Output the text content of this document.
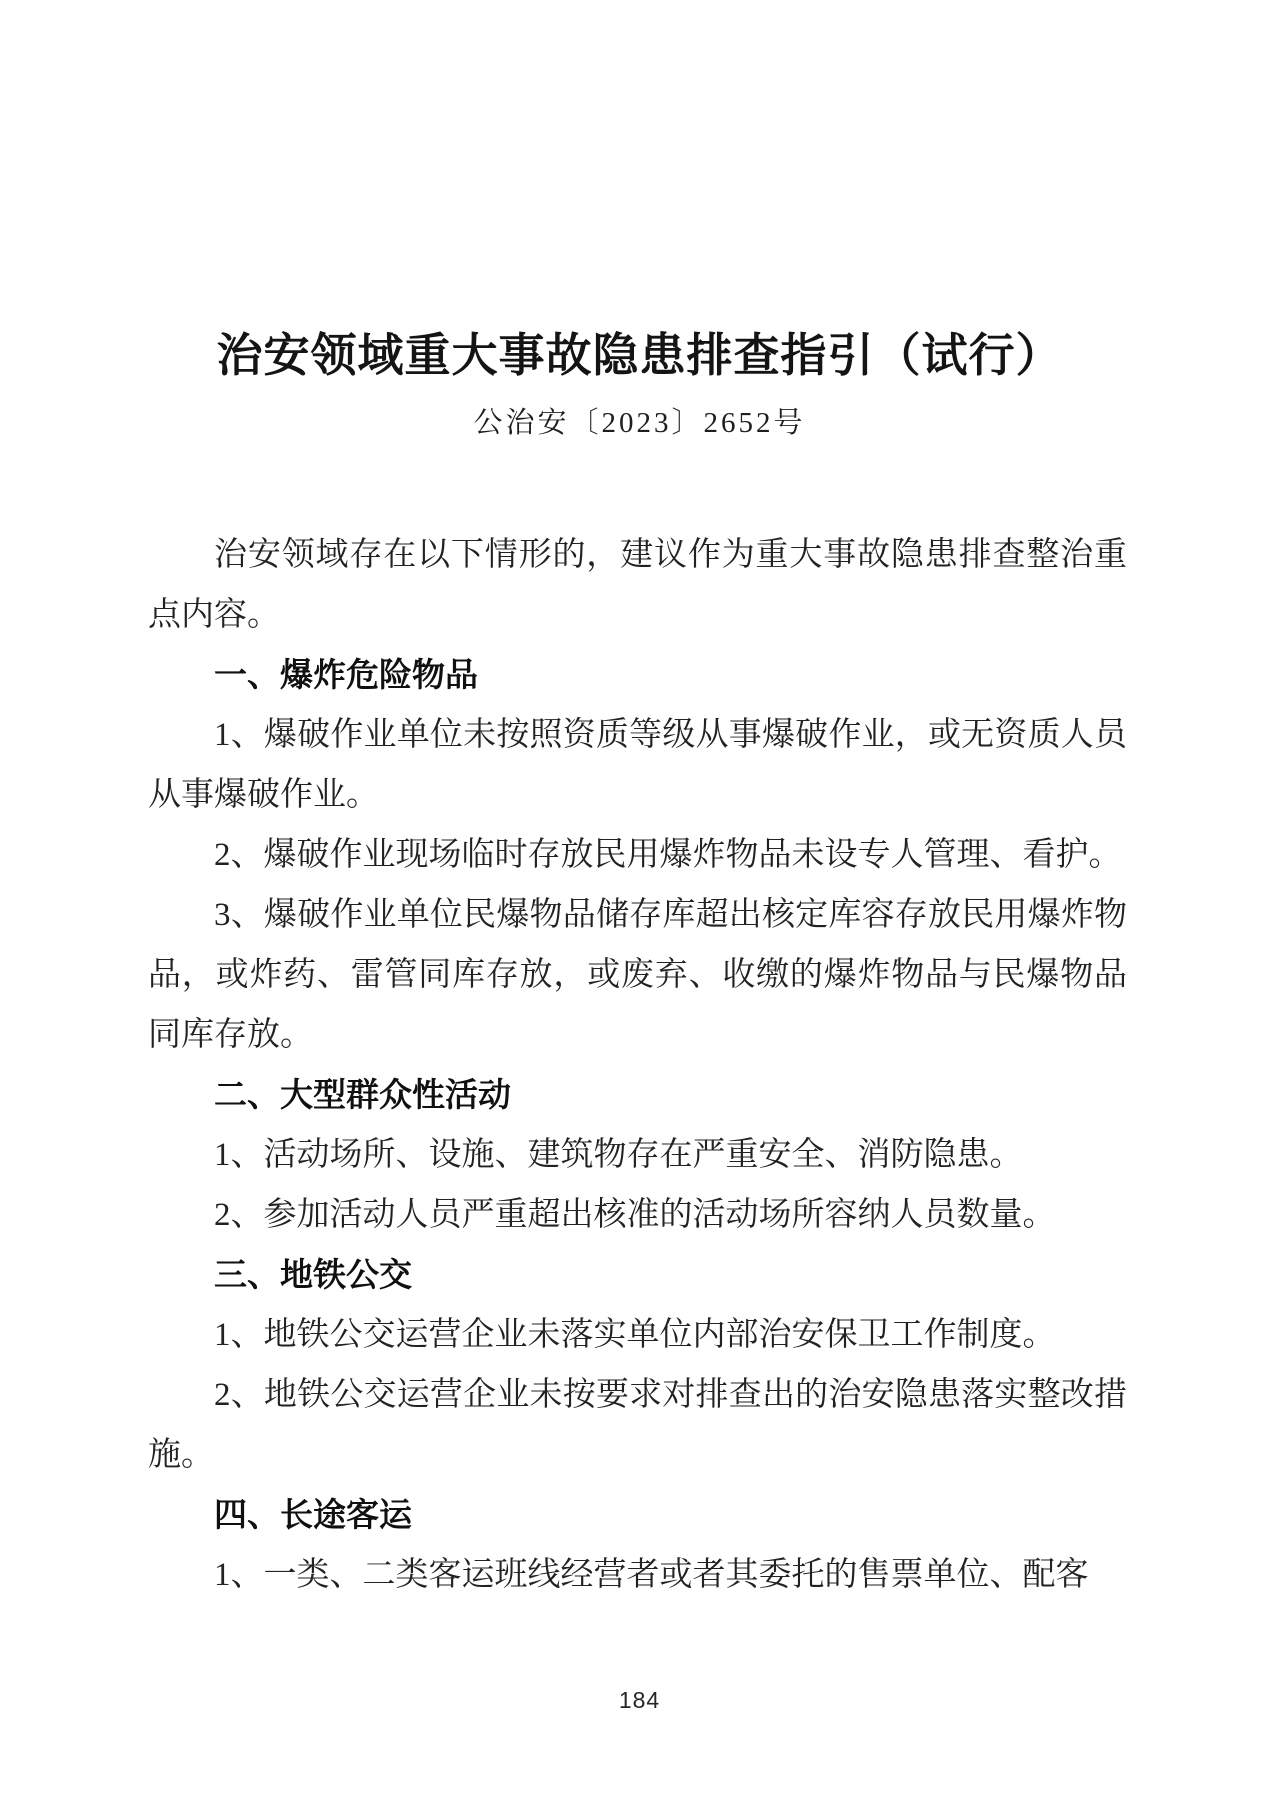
治安领域重大事故隐患排查指引（试行）
公治安〔2023〕2652号

治安领域存在以下情形的，建议作为重大事故隐患排查整治重点内容。

一、爆炸危险物品

1、爆破作业单位未按照资质等级从事爆破作业，或无资质人员从事爆破作业。

2、爆破作业现场临时存放民用爆炸物品未设专人管理、看护。

3、爆破作业单位民爆物品储存库超出核定库容存放民用爆炸物品，或炸药、雷管同库存放，或废弃、收缴的爆炸物品与民爆物品同库存放。

二、大型群众性活动

1、活动场所、设施、建筑物存在严重安全、消防隐患。

2、参加活动人员严重超出核准的活动场所容纳人员数量。

三、地铁公交

1、地铁公交运营企业未落实单位内部治安保卫工作制度。

2、地铁公交运营企业未按要求对排查出的治安隐患落实整改措施。

四、长途客运

1、一类、二类客运班线经营者或者其委托的售票单位、配客

184
